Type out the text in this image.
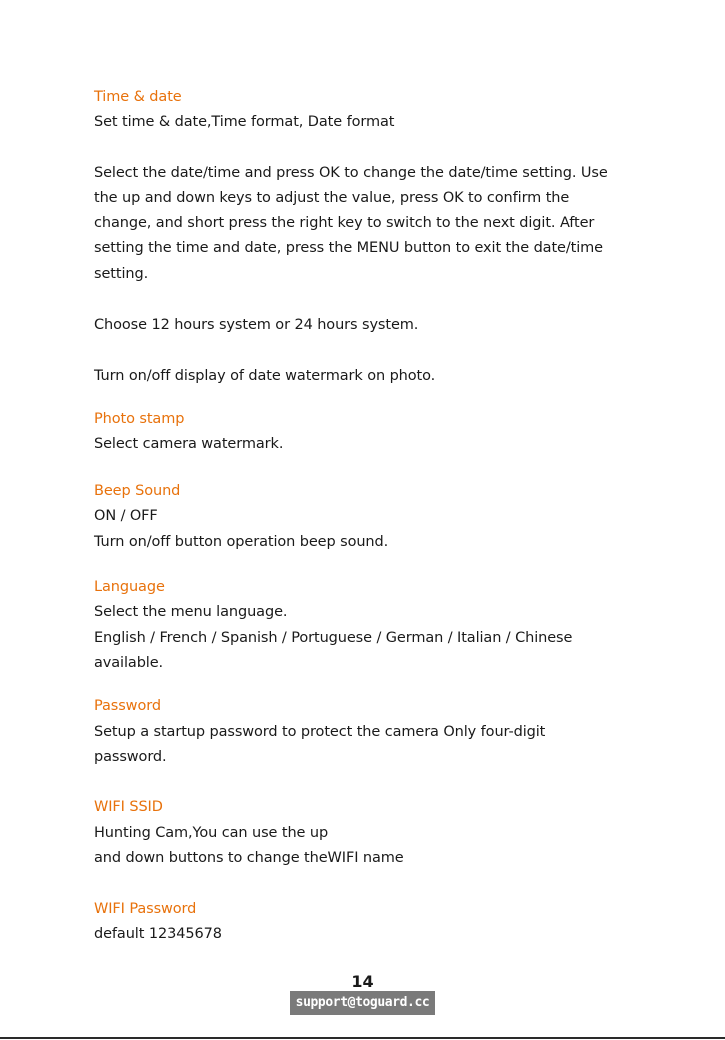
Time & date
Set time & date,Time format, Date format
Select the date/time and press OK to change the date/time setting. Use
the up and down keys to adjust the value, press OK to confirm the
change, and short press the right key to switch to the next digit. After
setting the time and date, press the MENU button to exit the date/time
setting.
Choose 12 hours system or 24 hours system.
Turn on/off display of date watermark on photo.
Photo stamp
Select camera watermark.
Beep Sound
ON / OFF
Turn on/off button operation beep sound.
Language
Select the menu language.
English / French / Spanish / Portuguese / German / Italian / Chinese
available.
Password
Setup a startup password to protect the camera Only four-digit
password.
WIFI SSID
Hunting Cam,You can use the up
and down buttons to change theWIFI name
WIFI Password
default 12345678
14
support@toguard.cc
